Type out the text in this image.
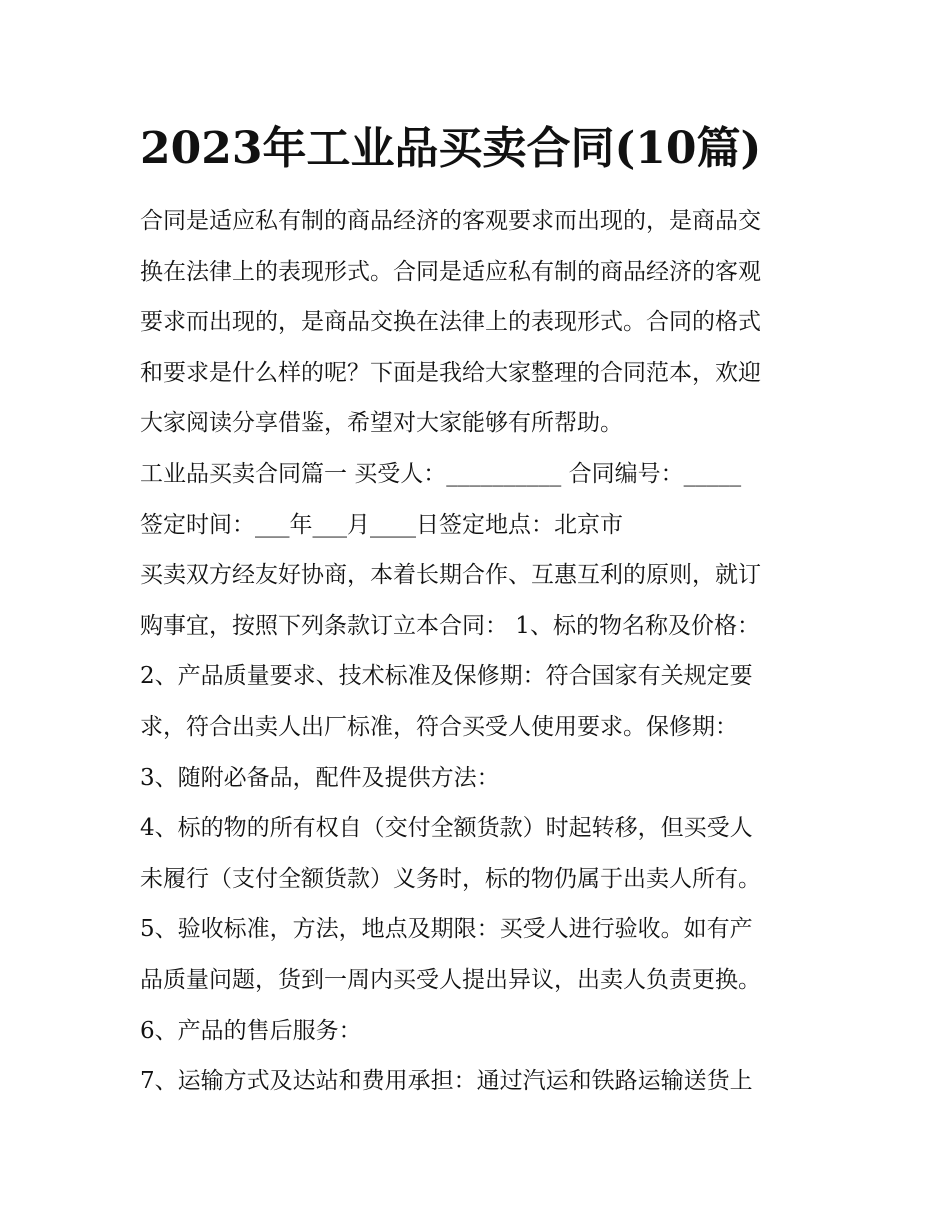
2023年工业品买卖合同(10篇)

合同是适应私有制的商品经济的客观要求而出现的，是商品交

换在法律上的表现形式。合同是适应私有制的商品经济的客观

要求而出现的，是商品交换在法律上的表现形式。合同的格式

和要求是什么样的呢？下面是我给大家整理的合同范本，欢迎

大家阅读分享借鉴，希望对大家能够有所帮助。

工业品买卖合同篇一 买受人：__________ 合同编号：_____

签定时间：___年___月____日签定地点：北京市

买卖双方经友好协商，本着长期合作、互惠互利的原则，就订

购事宜，按照下列条款订立本合同： 1、标的物名称及价格：

2、产品质量要求、技术标准及保修期：符合国家有关规定要

求，符合出卖人出厂标准，符合买受人使用要求。保修期：

3、随附必备品，配件及提供方法：

4、标的物的所有权自（交付全额货款）时起转移，但买受人

未履行（支付全额货款）义务时，标的物仍属于出卖人所有。

5、验收标准，方法，地点及期限：买受人进行验收。如有产

品质量问题，货到一周内买受人提出异议，出卖人负责更换。

6、产品的售后服务：

7、运输方式及达站和费用承担：通过汽运和铁路运输送货上
